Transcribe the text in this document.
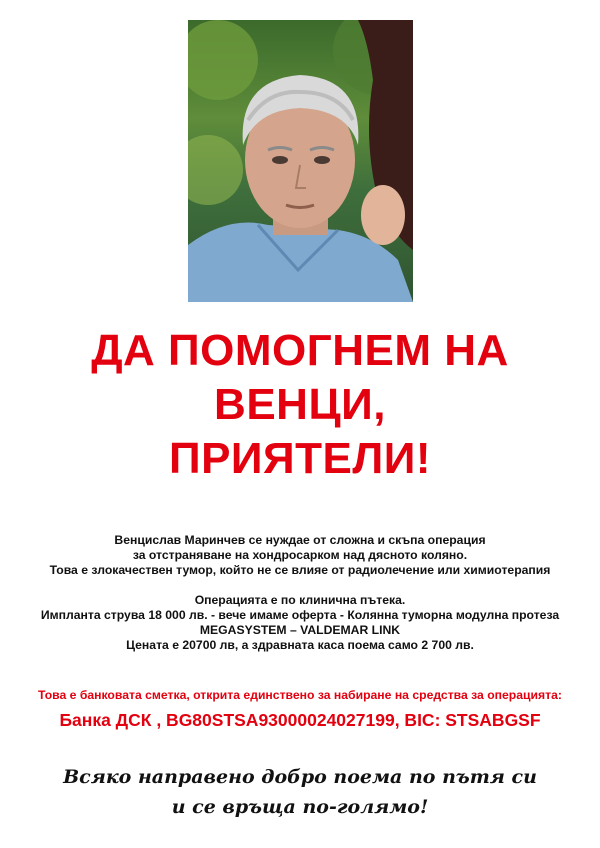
ДА ПОМОГНЕМ НА
ВЕНЦИ,
ПРИЯТЕЛИ!
Венцислав Маринчев се нуждае от сложна и скъпа операция
за отстраняване на хондросарком над дясното коляно.
Това е злокачествен тумор, който не се влияе от радиолечение или химиотерапия
Операцията е по клинична пътека.
Импланта струва 18 000 лв. - вече имаме оферта - Колянна туморна модулна протеза
MEGASYSTEM – VALDEMAR LINK
Цената е 20700 лв, а здравната каса поема само 2 700 лв.
Това е банковата сметка, открита единствено за набиране на средства за операцията:
Банка ДСК , BG80STSA93000024027199, BIC: STSABGSF
Всяко направено добро поема по пътя си
и се връща по-голямо!
